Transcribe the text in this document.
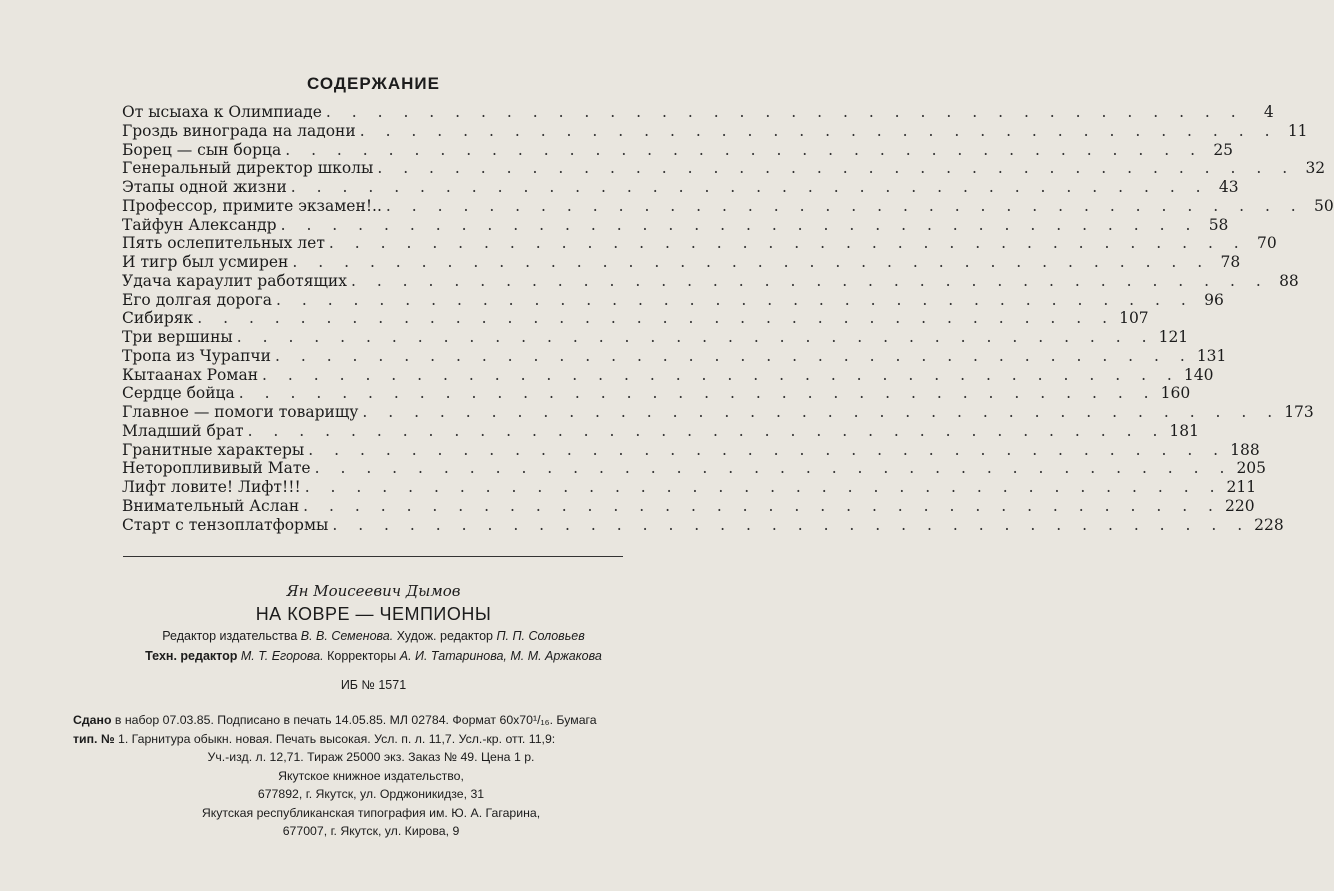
СОДЕРЖАНИЕ
От ысыаха к Олимпиаде . . . . . . . . . . . . . . . . . . . . . . . . . . . . . . . . . . . .	4
Гроздь винограда на ладони . . . . . . . . . . . . . . . . . . . . . . . . . . . . . . . . . . . . 11
Борец — сын борца . . . . . . . . . . . . . . . . . . . . . . . . . . . . . . . . . . . . 25
Генеральный директор школы . . . . . . . . . . . . . . . . . . . . . . . . . . . . . . . . . . . . 32
Этапы одной жизни . . . . . . . . . . . . . . . . . . . . . . . . . . . . . . . . . . . . 43
Профессор, примите экзамен!.. . . . . . . . . . . . . . . . . . . . . . . . . . . . . . . . . . . . . 50
Тайфун Александр . . . . . . . . . . . . . . . . . . . . . . . . . . . . . . . . . . . . 58
Пять ослепительных лет . . . . . . . . . . . . . . . . . . . . . . . . . . . . . . . . . . . . 70
И тигр был усмирен . . . . . . . . . . . . . . . . . . . . . . . . . . . . . . . . . . . . 78
Удача караулит работящих . . . . . . . . . . . . . . . . . . . . . . . . . . . . . . . . . . . . 88
Его долгая дорога . . . . . . . . . . . . . . . . . . . . . . . . . . . . . . . . . . . . 96
Сибиряк . . . . . . . . . . . . . . . . . . . . . . . . . . . . . . . . . . . . 107
Три вершины . . . . . . . . . . . . . . . . . . . . . . . . . . . . . . . . . . . . 121
Тропа из Чурапчи . . . . . . . . . . . . . . . . . . . . . . . . . . . . . . . . . . . . 131
Кытаанах Роман . . . . . . . . . . . . . . . . . . . . . . . . . . . . . . . . . . . . 140
Сердце бойца . . . . . . . . . . . . . . . . . . . . . . . . . . . . . . . . . . . . 160
Главное — помоги товарищу . . . . . . . . . . . . . . . . . . . . . . . . . . . . . . . . . . . . 173
Младший брат . . . . . . . . . . . . . . . . . . . . . . . . . . . . . . . . . . . . 181
Гранитные характеры . . . . . . . . . . . . . . . . . . . . . . . . . . . . . . . . . . . . 188
Нетороплививый Мате . . . . . . . . . . . . . . . . . . . . . . . . . . . . . . . . . . . . 205
Лифт ловите! Лифт!!! . . . . . . . . . . . . . . . . . . . . . . . . . . . . . . . . . . . . 211
Внимательный Аслан . . . . . . . . . . . . . . . . . . . . . . . . . . . . . . . . . . . . 220
Старт с тензоплатформы . . . . . . . . . . . . . . . . . . . . . . . . . . . . . . . . . . . . 228
Ян Моисеевич Дымов
НА КОВРЕ — ЧЕМПИОНЫ
Редактор издательства В. В. Семенова. Худож. редактор П. П. Соловьев
Техн. редактор М. Т. Егорова. Корректоры А. И. Татаринова, М. М. Аржакова
ИБ № 1571
Сдано в набор 07.03.85. Подписано в печать 14.05.85. МЛ 02784. Формат 60x70¹/₁₆. Бумага
тип. № 1. Гарнитура обыкн. новая. Печать высокая. Усл. п. л. 11,7. Усл.-кр. отт. 11,9:
Уч.-изд. л. 12,71. Тираж 25000 экз. Заказ № 49. Цена 1 р.
Якутское книжное издательство,
677892, г. Якутск, ул. Орджоникидзе, 31
Якутская республиканская типография им. Ю. А. Гагарина,
677007, г. Якутск, ул. Кирова, 9
